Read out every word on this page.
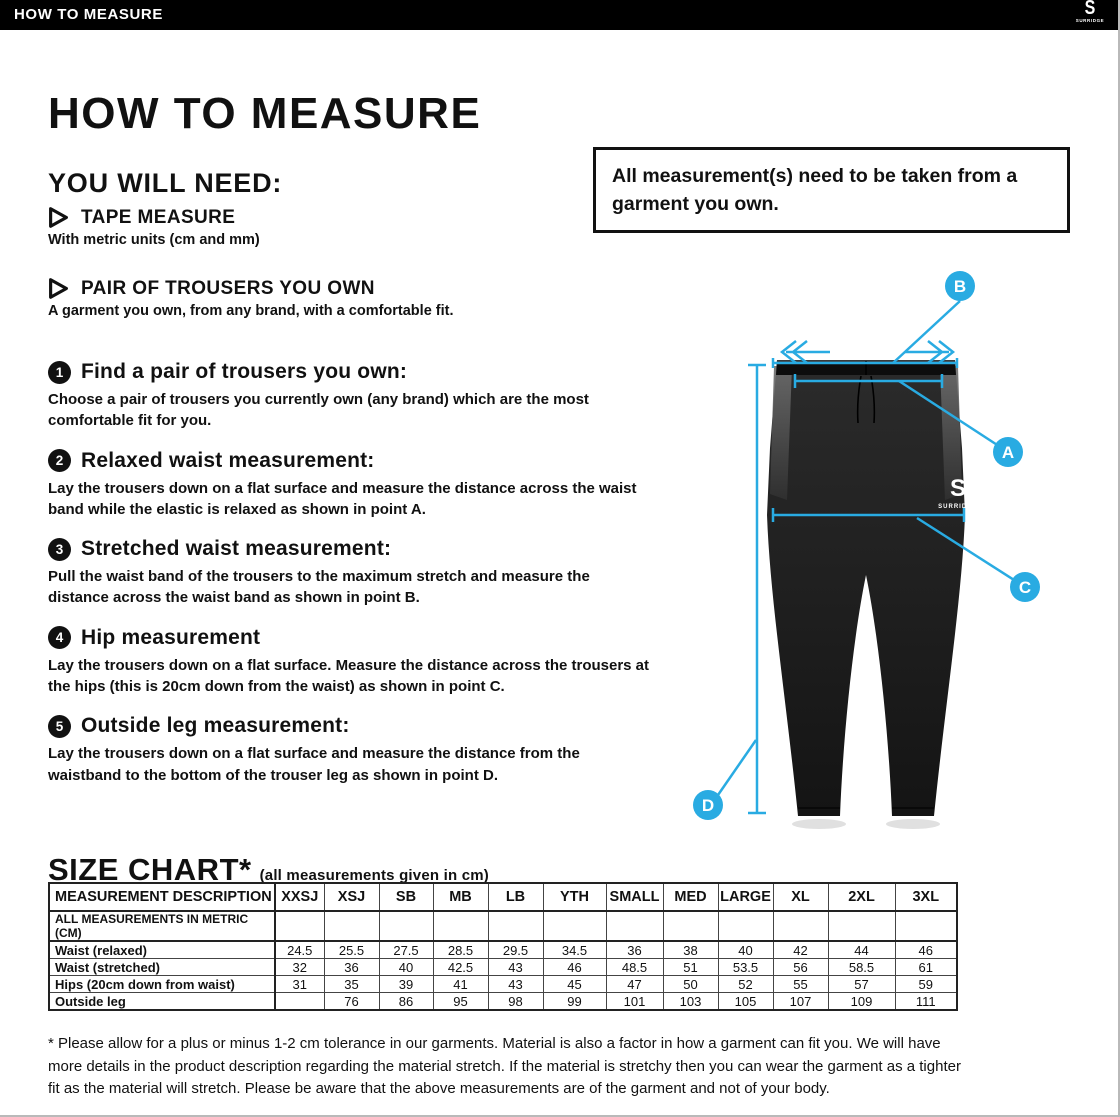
HOW TO MEASURE	S
SURRIDGE
HOW TO MEASURE
YOU WILL NEED:
TAPE MEASURE
With metric units (cm and mm)
PAIR OF TROUSERS YOU OWN
A garment you own, from any brand, with a comfortable fit.
All measurement(s) need to be taken from a garment you own.
1 Find a pair of trousers you own:

Choose a pair of trousers you currently own (any brand) which are the most comfortable fit for you.

2 Relaxed waist measurement:

Lay the trousers down on a flat surface and measure the distance across the waist band while the elastic is relaxed as shown in point A.

3 Stretched waist measurement:

Pull the waist band of the trousers to the maximum stretch and measure the distance across the waist band as shown in point B.

4 Hip measurement

Lay the trousers down on a flat surface. Measure the distance across the trousers at the hips (this is 20cm down from the waist) as shown in point C.

5 Outside leg measurement:

Lay the trousers down on a flat surface and measure the distance from the waistband to the bottom of the trouser leg as shown in point D.

S
SURRIDGE
B
A
C
D
SIZE CHART* (all measurements given in cm)
MEASUREMENT DESCRIPTION	XXSJ	XSJ	SB	MB	LB	YTH	SMALL	MED	LARGE	XL	2XL	3XL
ALL MEASUREMENTS IN METRIC (CM)												
Waist (relaxed)	24.5	25.5	27.5	28.5	29.5	34.5	36	38	40	42	44	46
Waist (stretched)	32	36	40	42.5	43	46	48.5	51	53.5	56	58.5	61
Hips (20cm down from waist)	31	35	39	41	43	45	47	50	52	55	57	59
Outside leg		76	86	95	98	99	101	103	105	107	109	111

* Please allow for a plus or minus 1-2 cm tolerance in our garments. Material is also a factor in how a garment can fit you. We will have more details in the product description regarding the material stretch. If the material is stretchy then you can wear the garment as a tighter fit as the material will stretch. Please be aware that the above measurements are of the garment and not of your body.
